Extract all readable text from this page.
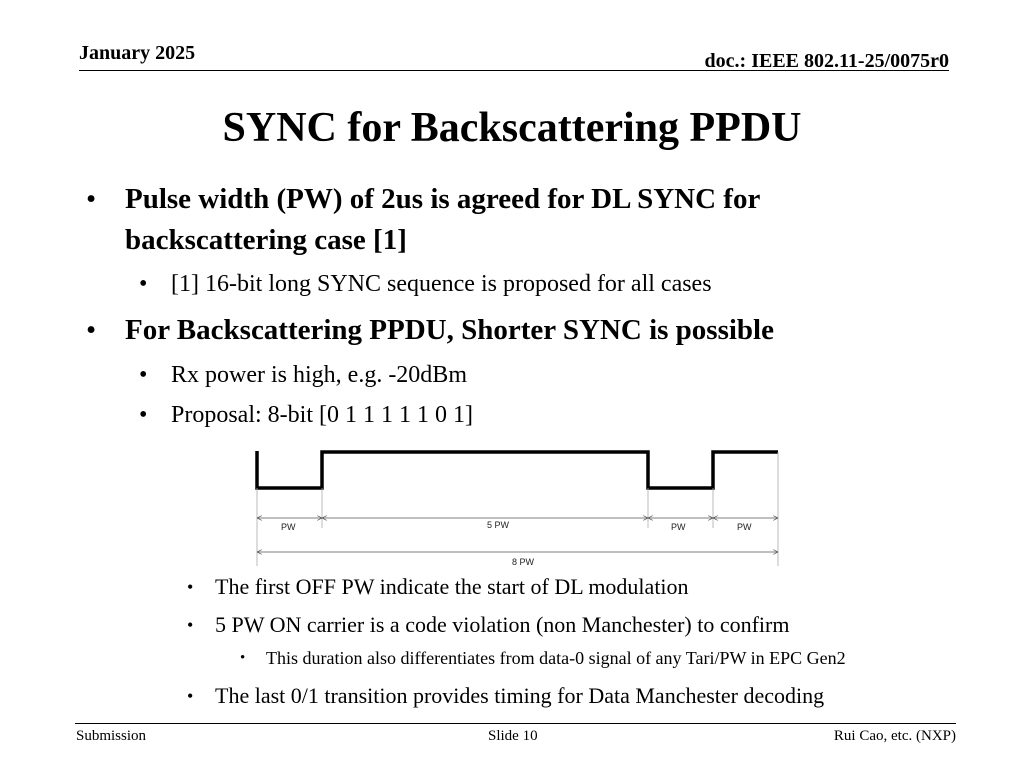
January 2025	doc.: IEEE 802.11-25/0075r0
SYNC for Backscattering PPDU
• Pulse width (PW) of 2us is agreed for DL SYNC for backscattering case [1]
• [1] 16-bit long SYNC sequence is proposed for all cases
• For Backscattering PPDU, Shorter SYNC is possible
• Rx power is high, e.g. -20dBm
• Proposal: 8-bit [0 1 1 1 1 1 0 1]
PW	5 PW	PW	PW
8 PW
• The first OFF PW indicate the start of DL modulation
• 5 PW ON carrier is a code violation (non Manchester) to confirm
• This duration also differentiates from data-0 signal of any Tari/PW in EPC Gen2
• The last 0/1 transition provides timing for Data Manchester decoding
Submission	Slide 10	Rui Cao, etc. (NXP)
